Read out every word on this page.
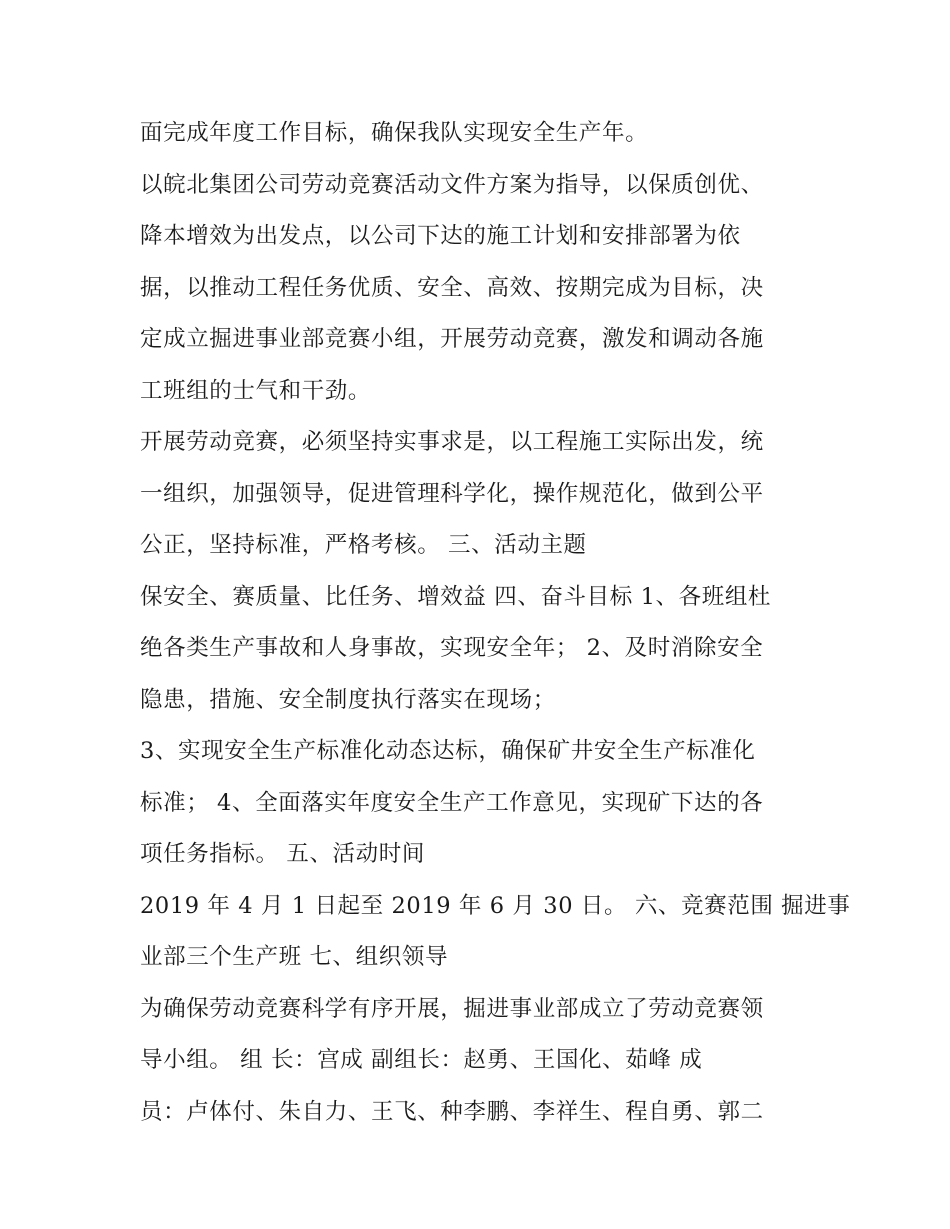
面完成年度工作目标，确保我队实现安全生产年。
以皖北集团公司劳动竞赛活动文件方案为指导，以保质创优、
降本增效为出发点，以公司下达的施工计划和安排部署为依
据，以推动工程任务优质、安全、高效、按期完成为目标，决
定成立掘进事业部竞赛小组，开展劳动竞赛，激发和调动各施
工班组的士气和干劲。
开展劳动竞赛，必须坚持实事求是，以工程施工实际出发，统
一组织，加强领导，促进管理科学化，操作规范化，做到公平
公正，坚持标准，严格考核。 三、活动主题
保安全、赛质量、比任务、增效益 四、奋斗目标 1、各班组杜
绝各类生产事故和人身事故，实现安全年； 2、及时消除安全
隐患，措施、安全制度执行落实在现场；
3、实现安全生产标准化动态达标，确保矿井安全生产标准化
标准； 4、全面落实年度安全生产工作意见，实现矿下达的各
项任务指标。 五、活动时间
2019 年 4 月 1 日起至 2019 年 6 月 30 日。 六、竞赛范围 掘进事
业部三个生产班 七、组织领导
为确保劳动竞赛科学有序开展，掘进事业部成立了劳动竞赛领
导小组。 组 长：宫成 副组长：赵勇、王国化、茹峰 成
员：卢体付、朱自力、王飞、种李鹏、李祥生、程自勇、郭二
